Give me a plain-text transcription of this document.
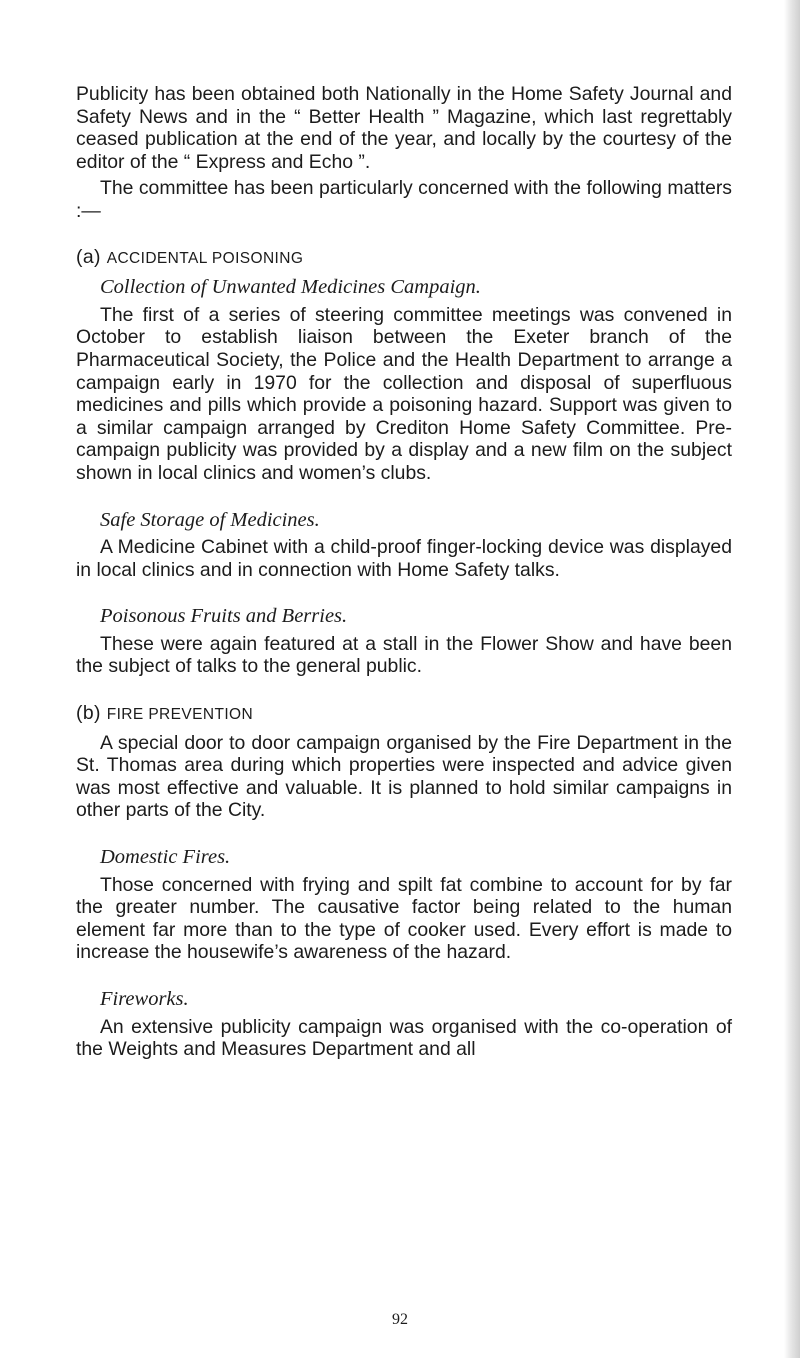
Publicity has been obtained both Nationally in the Home Safety Journal and Safety News and in the “ Better Health ” Magazine, which last regrettably ceased publication at the end of the year, and locally by the courtesy of the editor of the “ Express and Echo ”.

The committee has been particularly concerned with the following matters :—

(a) ACCIDENTAL POISONING
Collection of Unwanted Medicines Campaign.

The first of a series of steering committee meetings was convened in October to establish liaison between the Exeter branch of the Pharmaceutical Society, the Police and the Health Department to arrange a campaign early in 1970 for the collection and disposal of superfluous medicines and pills which provide a poisoning hazard. Support was given to a similar campaign arranged by Crediton Home Safety Committee. Pre-campaign publicity was provided by a display and a new film on the subject shown in local clinics and women’s clubs.

Safe Storage of Medicines.

A Medicine Cabinet with a child-proof finger-locking device was displayed in local clinics and in connection with Home Safety talks.

Poisonous Fruits and Berries.

These were again featured at a stall in the Flower Show and have been the subject of talks to the general public.

(b) FIRE PREVENTION

A special door to door campaign organised by the Fire Department in the St. Thomas area during which properties were inspected and advice given was most effective and valuable. It is planned to hold similar campaigns in other parts of the City.

Domestic Fires.

Those concerned with frying and spilt fat combine to account for by far the greater number. The causative factor being related to the human element far more than to the type of cooker used. Every effort is made to increase the housewife’s awareness of the hazard.

Fireworks.

An extensive publicity campaign was organised with the co-operation of the Weights and Measures Department and all

92
